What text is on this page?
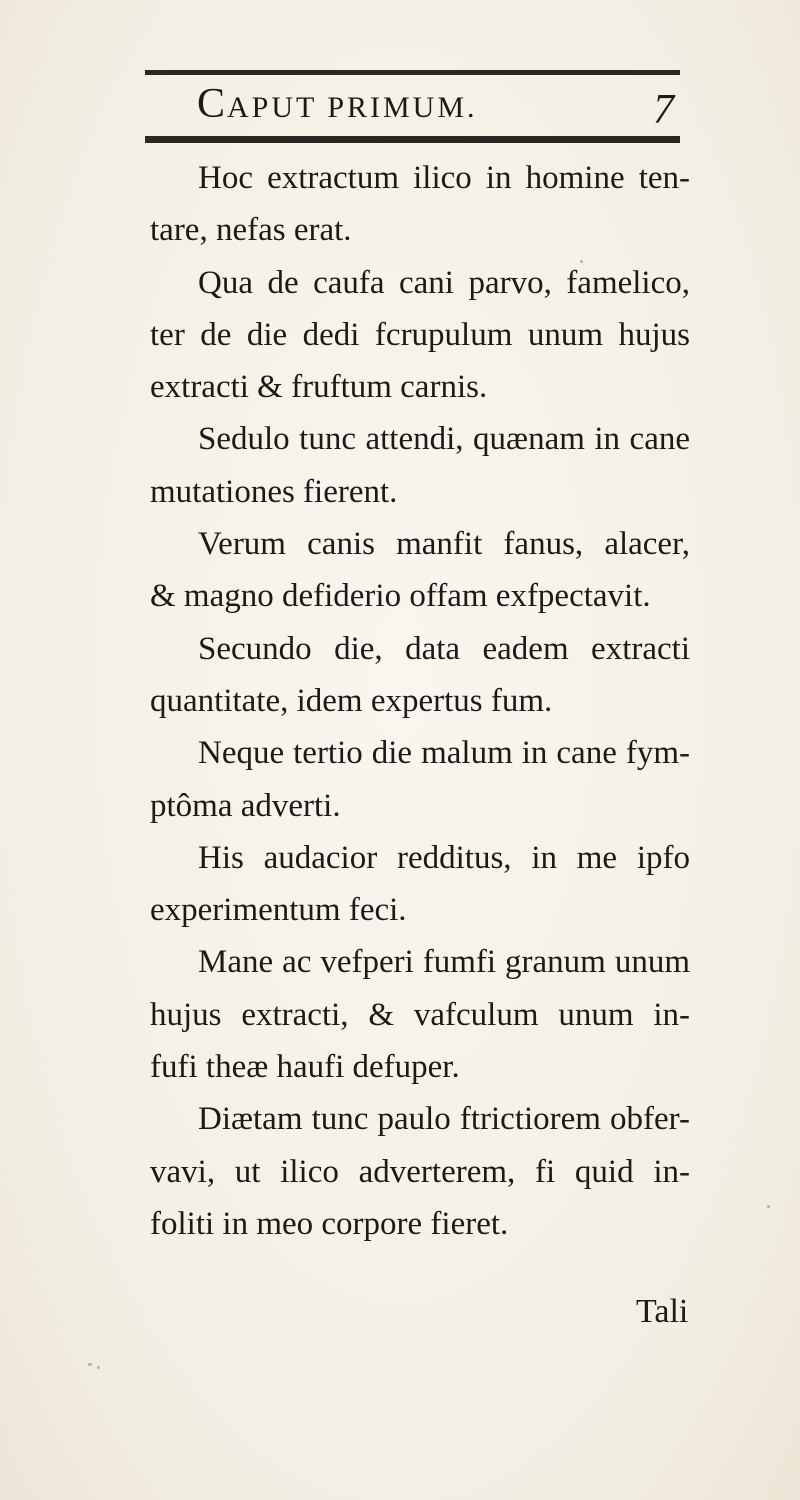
CAPUT PRIMUM.	7
Hoc extractum ilico in homine ten-
tare, nefas erat.
Qua de caufa cani parvo, famelico,
ter de die dedi fcrupulum unum hujus
extracti & fruftum carnis.
Sedulo tunc attendi, quænam in cane
mutationes fierent.
Verum canis manfit fanus, alacer,
& magno defiderio offam exfpectavit.
Secundo die, data eadem extracti
quantitate, idem expertus fum.
Neque tertio die malum in cane fym-
ptôma adverti.
His audacior redditus, in me ipfo
experimentum feci.
Mane ac vefperi fumfi granum unum
hujus extracti, & vafculum unum in-
fufi theæ haufi defuper.
Diætam tunc paulo ftrictiorem obfer-
vavi, ut ilico adverterem, fi quid in-
foliti in meo corpore fieret.
Tali
